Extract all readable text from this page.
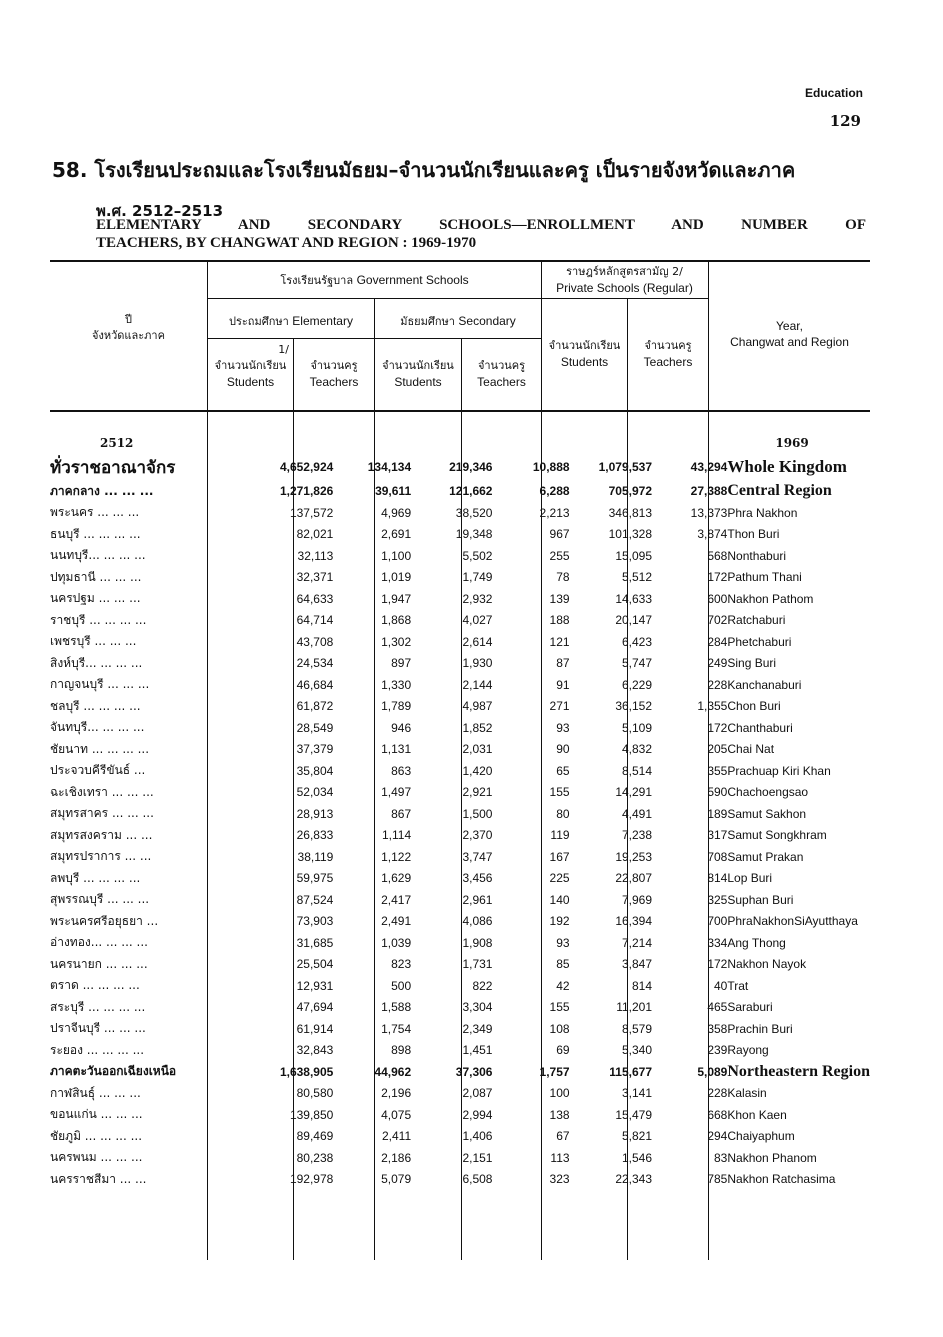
Education
129
58. โรงเรียนประถมและโรงเรียนมัธยม–จำนวนนักเรียนและครู เป็นรายจังหวัดและภาค
พ.ศ. 2512–2513
ELEMENTARY AND SECONDARY SCHOOLS—ENROLLMENT AND NUMBER OF
TEACHERS, BY CHANGWAT AND REGION : 1969-1970
ปี
จังหวัดและภาค
โรงเรียนรัฐบาล Government Schools
ราษฎร์หลักสูตรสามัญ 2/
Private Schools (Regular)
ประถมศึกษา Elementary	มัธยมศึกษา Secondary
1/
จำนวนนักเรียน
Students
จำนวนครู
Teachers
จำนวนนักเรียน
Students
จำนวนครู
Teachers
จำนวนนักเรียน
Students
จำนวนครู
Teachers
Year,
Changwat and Region
2512							1969
ทั่วราชอาณาจักร	4,652,924	134,134	219,346	10,888	1,079,537	43,294	Whole Kingdom
ภาคกลาง ... ... ...	1,271,826	39,611	121,662	6,288	705,972	27,388	Central Region
พระนคร ... ... ...	137,572	4,969	38,520	2,213	346,813	13,373	Phra Nakhon
ธนบุรี ... ... ... ...	82,021	2,691	19,348	967	101,328	3,874	Thon Buri
นนทบุรี... ... ... ...	32,113	1,100	5,502	255	15,095	568	Nonthaburi
ปทุมธานี ... ... ...	32,371	1,019	1,749	78	5,512	172	Pathum Thani
นครปฐม ... ... ...	64,633	1,947	2,932	139	14,633	600	Nakhon Pathom
ราชบุรี ... ... ... ...	64,714	1,868	4,027	188	20,147	702	Ratchaburi
เพชรบุรี ... ... ...	43,708	1,302	2,614	121	6,423	284	Phetchaburi
สิงห์บุรี... ... ... ...	24,534	897	1,930	87	5,747	249	Sing Buri
กาญจนบุรี ... ... ...	46,684	1,330	2,144	91	6,229	228	Kanchanaburi
ชลบุรี ... ... ... ...	61,872	1,789	4,987	271	36,152	1,355	Chon Buri
จันทบุรี... ... ... ...	28,549	946	1,852	93	5,109	172	Chanthaburi
ชัยนาท ... ... ... ...	37,379	1,131	2,031	90	4,832	205	Chai Nat
ประจวบคีรีขันธ์ ...	35,804	863	1,420	65	8,514	355	Prachuap Kiri Khan
ฉะเชิงเทรา ... ... ...	52,034	1,497	2,921	155	14,291	590	Chachoengsao
สมุทรสาคร ... ... ...	28,913	867	1,500	80	4,491	189	Samut Sakhon
สมุทรสงคราม ... ...	26,833	1,114	2,370	119	7,238	317	Samut Songkhram
สมุทรปราการ ... ...	38,119	1,122	3,747	167	19,253	708	Samut Prakan
ลพบุรี ... ... ... ...	59,975	1,629	3,456	225	22,807	814	Lop Buri
สุพรรณบุรี ... ... ...	87,524	2,417	2,961	140	7,969	325	Suphan Buri
พระนครศรีอยุธยา ...	73,903	2,491	4,086	192	16,394	700	PhraNakhonSiAyutthaya
อ่างทอง... ... ... ...	31,685	1,039	1,908	93	7,214	334	Ang Thong
นครนายก ... ... ...	25,504	823	1,731	85	3,847	172	Nakhon Nayok
ตราด ... ... ... ...	12,931	500	822	42	814	40	Trat
สระบุรี ... ... ... ...	47,694	1,588	3,304	155	11,201	465	Saraburi
ปราจีนบุรี ... ... ...	61,914	1,754	2,349	108	8,579	358	Prachin Buri
ระยอง ... ... ... ...	32,843	898	1,451	69	5,340	239	Rayong
ภาคตะวันออกเฉียงเหนือ	1,638,905	44,962	37,306	1,757	115,677	5,089	Northeastern Region
กาฬสินธุ์ ... ... ...	80,580	2,196	2,087	100	3,141	228	Kalasin
ขอนแก่น ... ... ...	139,850	4,075	2,994	138	15,479	668	Khon Kaen
ชัยภูมิ ... ... ... ...	89,469	2,411	1,406	67	5,821	294	Chaiyaphum
นครพนม ... ... ...	80,238	2,186	2,151	113	1,546	83	Nakhon Phanom
นครราชสีมา ... ...	192,978	5,079	6,508	323	22,343	785	Nakhon Ratchasima
